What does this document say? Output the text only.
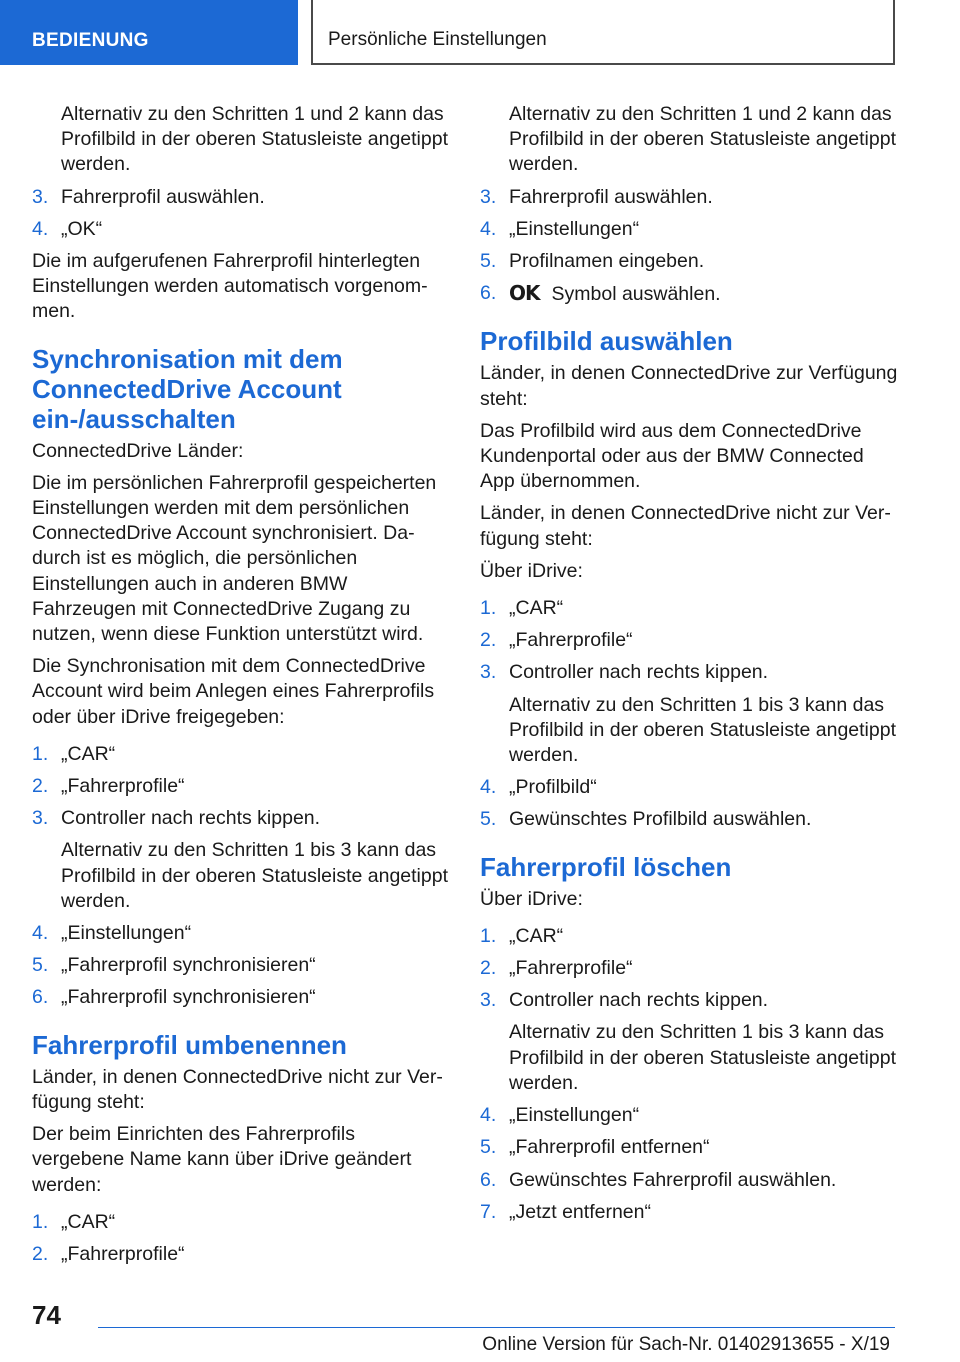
BEDIENUNG	Persönliche Einstellungen
Alternativ zu den Schritten 1 und 2 kann das Profilbild in der oberen Statusleiste angetippt werden.
3. Fahrerprofil auswählen.
4. „OK“
Die im aufgerufenen Fahrerprofil hinterlegten Einstellungen werden automatisch vorgenommen.
Synchronisation mit dem ConnectedDrive Account ein-/ausschalten
ConnectedDrive Länder:
Die im persönlichen Fahrerprofil gespeicherten Einstellungen werden mit dem persönlichen ConnectedDrive Account synchronisiert. Dadurch ist es möglich, die persönlichen Einstellungen auch in anderen BMW Fahrzeugen mit ConnectedDrive Zugang zu nutzen, wenn diese Funktion unterstützt wird.
Die Synchronisation mit dem ConnectedDrive Account wird beim Anlegen eines Fahrerprofils oder über iDrive freigegeben:
1. „CAR“
2. „Fahrerprofile“
3. Controller nach rechts kippen.
Alternativ zu den Schritten 1 bis 3 kann das Profilbild in der oberen Statusleiste angetippt werden.
4. „Einstellungen“
5. „Fahrerprofil synchronisieren“
6. „Fahrerprofil synchronisieren“
Fahrerprofil umbenennen
Länder, in denen ConnectedDrive nicht zur Verfügung steht:
Der beim Einrichten des Fahrerprofils vergebene Name kann über iDrive geändert werden:
1. „CAR“
2. „Fahrerprofile“
Alternativ zu den Schritten 1 und 2 kann das Profilbild in der oberen Statusleiste angetippt werden.
3. Fahrerprofil auswählen.
4. „Einstellungen“
5. Profilnamen eingeben.
6. OK Symbol auswählen.
Profilbild auswählen
Länder, in denen ConnectedDrive zur Verfügung steht:
Das Profilbild wird aus dem ConnectedDrive Kundenportal oder aus der BMW Connected App übernommen.
Länder, in denen ConnectedDrive nicht zur Verfügung steht:
Über iDrive:
1. „CAR“
2. „Fahrerprofile“
3. Controller nach rechts kippen.
Alternativ zu den Schritten 1 bis 3 kann das Profilbild in der oberen Statusleiste angetippt werden.
4. „Profilbild“
5. Gewünschtes Profilbild auswählen.
Fahrerprofil löschen
Über iDrive:
1. „CAR“
2. „Fahrerprofile“
3. Controller nach rechts kippen.
Alternativ zu den Schritten 1 bis 3 kann das Profilbild in der oberen Statusleiste angetippt werden.
4. „Einstellungen“
5. „Fahrerprofil entfernen“
6. Gewünschtes Fahrerprofil auswählen.
7. „Jetzt entfernen“
74
Online Version für Sach-Nr. 01402913655 - X/19
